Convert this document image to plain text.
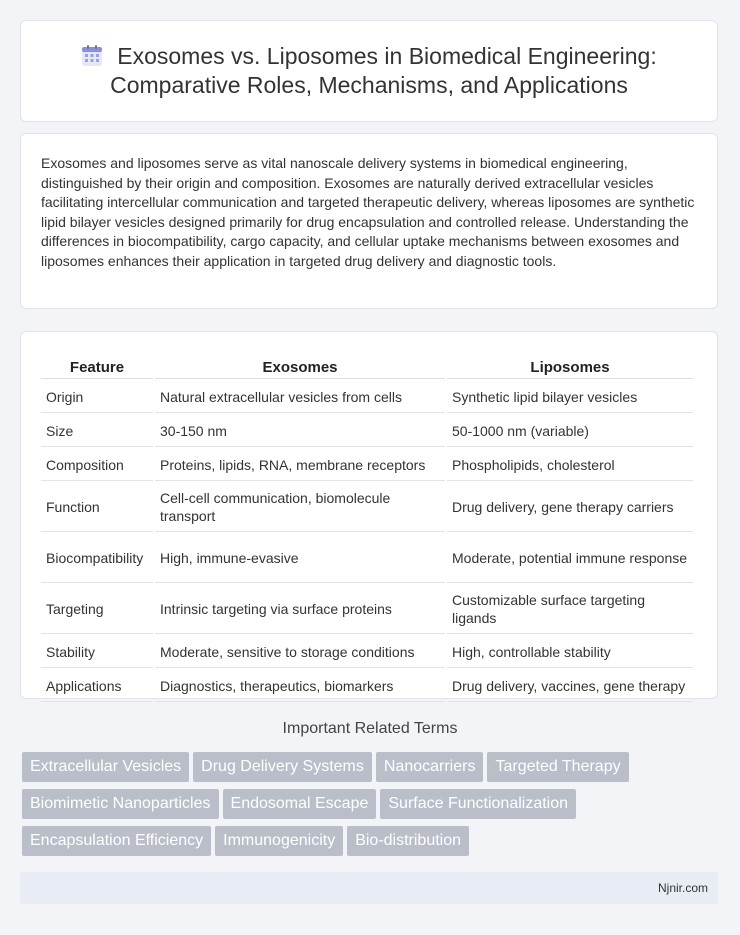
Exosomes vs. Liposomes in Biomedical Engineering:
Comparative Roles, Mechanisms, and Applications

Exosomes and liposomes serve as vital nanoscale delivery systems in biomedical engineering, distinguished by their origin and composition. Exosomes are naturally derived extracellular vesicles facilitating intercellular communication and targeted therapeutic delivery, whereas liposomes are synthetic lipid bilayer vesicles designed primarily for drug encapsulation and controlled release. Understanding the differences in biocompatibility, cargo capacity, and cellular uptake mechanisms between exosomes and liposomes enhances their application in targeted drug delivery and diagnostic tools.

Feature	Exosomes	Liposomes
Origin	Natural extracellular vesicles from cells	Synthetic lipid bilayer vesicles
Size	30-150 nm	50-1000 nm (variable)
Composition	Proteins, lipids, RNA, membrane receptors	Phospholipids, cholesterol
Function	Cell-cell communication, biomolecule transport	Drug delivery, gene therapy carriers
Biocompatibility	High, immune-evasive	Moderate, potential immune response
Targeting	Intrinsic targeting via surface proteins	Customizable surface targeting ligands
Stability	Moderate, sensitive to storage conditions	High, controllable stability
Applications	Diagnostics, therapeutics, biomarkers	Drug delivery, vaccines, gene therapy
Important Related Terms
Extracellular Vesicles Drug Delivery Systems Nanocarriers Targeted Therapy
Biomimetic Nanoparticles Endosomal Escape Surface Functionalization
Encapsulation Efficiency Immunogenicity Bio-distribution
Njnir.com
